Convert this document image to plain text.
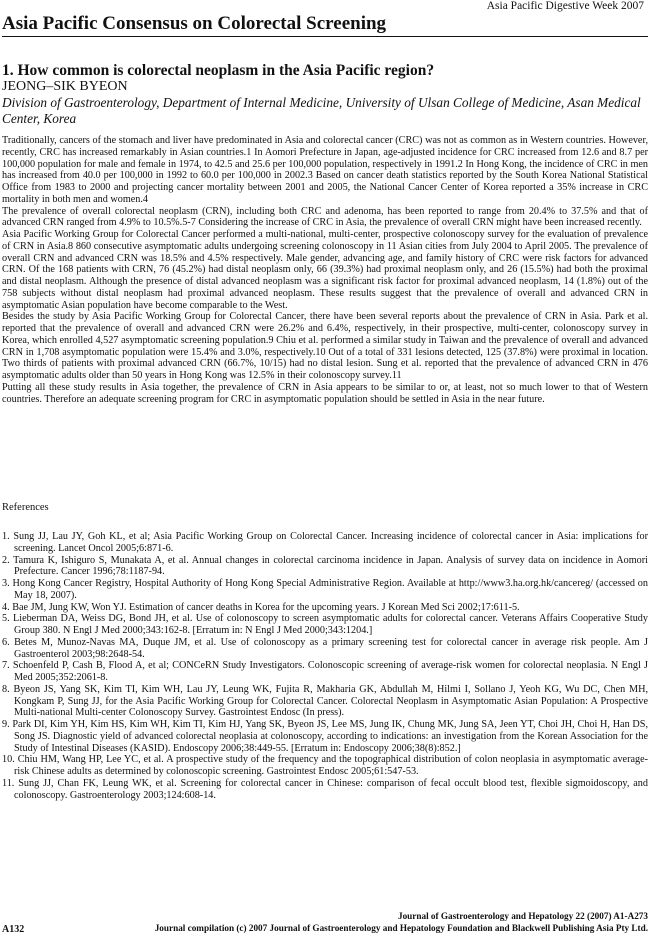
Asia Pacific Digestive Week 2007
Asia Pacific Consensus on Colorectal Screening
1. How common is colorectal neoplasm in the Asia Pacific region?
JEONG–SIK BYEON
Division of Gastroenterology, Department of Internal Medicine, University of Ulsan College of Medicine, Asan Medical Center, Korea

Traditionally, cancers of the stomach and liver have predominated in Asia and colorectal cancer (CRC) was not as common as in Western countries. However, recently, CRC has increased remarkably in Asian countries.1 In Aomori Prefecture in Japan, age-adjusted incidence for CRC increased from 12.6 and 8.7 per 100,000 population for male and female in 1974, to 42.5 and 25.6 per 100,000 population, respectively in 1991.2 In Hong Kong, the incidence of CRC in men has increased from 40.0 per 100,000 in 1992 to 60.0 per 100,000 in 2002.3 Based on cancer death statistics reported by the South Korea National Statistical Office from 1983 to 2000 and projecting cancer mortality between 2001 and 2005, the National Cancer Center of Korea reported a 35% increase in CRC mortality in both men and women.4

The prevalence of overall colorectal neoplasm (CRN), including both CRC and adenoma, has been reported to range from 20.4% to 37.5% and that of advanced CRN ranged from 4.9% to 10.5%.5-7 Considering the increase of CRC in Asia, the prevalence of overall CRN might have been increased recently.

Asia Pacific Working Group for Colorectal Cancer performed a multi-national, multi-center, prospective colonoscopy survey for the evaluation of prevalence of CRN in Asia.8 860 consecutive asymptomatic adults undergoing screening colonoscopy in 11 Asian cities from July 2004 to April 2005. The prevalence of overall CRN and advanced CRN was 18.5% and 4.5% respectively. Male gender, advancing age, and family history of CRC were risk factors for advanced CRN. Of the 168 patients with CRN, 76 (45.2%) had distal neoplasm only, 66 (39.3%) had proximal neoplasm only, and 26 (15.5%) had both the proximal and distal neoplasm. Although the presence of distal advanced neoplasm was a significant risk factor for proximal advanced neoplasm, 14 (1.8%) out of the 758 subjects without distal neoplasm had proximal advanced neoplasm. These results suggest that the prevalence of overall and advanced CRN in asymptomatic Asian population have become comparable to the West.

Besides the study by Asia Pacific Working Group for Colorectal Cancer, there have been several reports about the prevalence of CRN in Asia. Park et al. reported that the prevalence of overall and advanced CRN were 26.2% and 6.4%, respectively, in their prospective, multi-center, colonoscopy survey in Korea, which enrolled 4,527 asymptomatic screening population.9 Chiu et al. performed a similar study in Taiwan and the prevalence of overall and advanced CRN in 1,708 asymptomatic population were 15.4% and 3.0%, respectively.10 Out of a total of 331 lesions detected, 125 (37.8%) were proximal in location. Two thirds of patients with proximal advanced CRN (66.7%, 10/15) had no distal lesion. Sung et al. reported that the prevalence of advanced CRN in 476 asymptomatic adults older than 50 years in Hong Kong was 12.5% in their colonoscopy survey.11

Putting all these study results in Asia together, the prevalence of CRN in Asia appears to be similar to or, at least, not so much lower to that of Western countries. Therefore an adequate screening program for CRC in asymptomatic population should be settled in Asia in the near future.

References
1. Sung JJ, Lau JY, Goh KL, et al; Asia Pacific Working Group on Colorectal Cancer. Increasing incidence of colorectal cancer in Asia: implications for screening. Lancet Oncol 2005;6:871-6.
2. Tamura K, Ishiguro S, Munakata A, et al. Annual changes in colorectal carcinoma incidence in Japan. Analysis of survey data on incidence in Aomori Prefecture. Cancer 1996;78:1187-94.
3. Hong Kong Cancer Registry, Hospital Authority of Hong Kong Special Administrative Region. Available at http://www3.ha.org.hk/cancereg/ (accessed on May 18, 2007).
4. Bae JM, Jung KW, Won YJ. Estimation of cancer deaths in Korea for the upcoming years. J Korean Med Sci 2002;17:611-5.
5. Lieberman DA, Weiss DG, Bond JH, et al. Use of colonoscopy to screen asymptomatic adults for colorectal cancer. Veterans Affairs Cooperative Study Group 380. N Engl J Med 2000;343:162-8. [Erratum in: N Engl J Med 2000;343:1204.]
6. Betes M, Munoz-Navas MA, Duque JM, et al. Use of colonoscopy as a primary screening test for colorectal cancer in average risk people. Am J Gastroenterol 2003;98:2648-54.
7. Schoenfeld P, Cash B, Flood A, et al; CONCeRN Study Investigators. Colonoscopic screening of average-risk women for colorectal neoplasia. N Engl J Med 2005;352:2061-8.
8. Byeon JS, Yang SK, Kim TI, Kim WH, Lau JY, Leung WK, Fujita R, Makharia GK, Abdullah M, Hilmi I, Sollano J, Yeoh KG, Wu DC, Chen MH, Kongkam P, Sung JJ, for the Asia Pacific Working Group for Colorectal Cancer. Colorectal Neoplasm in Asymptomatic Asian Population: A Prospective Multi-national Multi-center Colonoscopy Survey. Gastrointest Endosc (In press).
9. Park DI, Kim YH, Kim HS, Kim WH, Kim TI, Kim HJ, Yang SK, Byeon JS, Lee MS, Jung IK, Chung MK, Jung SA, Jeen YT, Choi JH, Choi H, Han DS, Song JS. Diagnostic yield of advanced colorectal neoplasia at colonoscopy, according to indications: an investigation from the Korean Association for the Study of Intestinal Diseases (KASID). Endoscopy 2006;38:449-55. [Erratum in: Endoscopy 2006;38(8):852.]
10. Chiu HM, Wang HP, Lee YC, et al. A prospective study of the frequency and the topographical distribution of colon neoplasia in asymptomatic average-risk Chinese adults as determined by colonoscopic screening. Gastrointest Endosc 2005;61:547-53.
11. Sung JJ, Chan FK, Leung WK, et al. Screening for colorectal cancer in Chinese: comparison of fecal occult blood test, flexible sigmoidoscopy, and colonoscopy. Gastroenterology 2003;124:608-14.
A132
Journal of Gastroenterology and Hepatology 22 (2007) A1-A273
Journal compilation (c) 2007 Journal of Gastroenterology and Hepatology Foundation and Blackwell Publishing Asia Pty Ltd.
